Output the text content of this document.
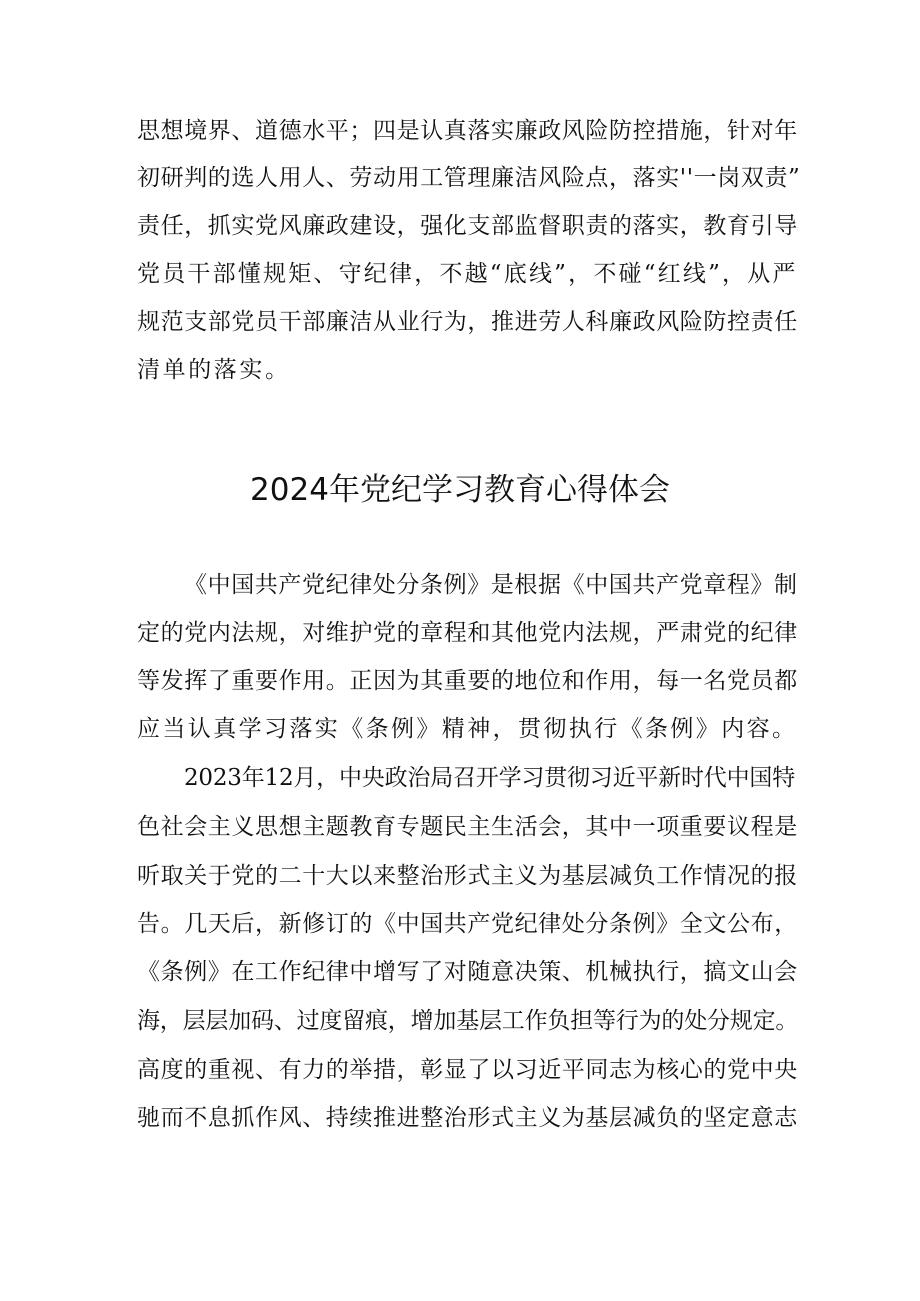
思想境界、道德水平；四是认真落实廉政风险防控措施，针对年
初研判的选人用人、劳动用工管理廉洁风险点，落实''一岗双责”
责任，抓实党风廉政建设，强化支部监督职责的落实，教育引导
党员干部懂规矩、守纪律，不越“底线”，不碰“红线”，从严
规范支部党员干部廉洁从业行为，推进劳人科廉政风险防控责任
清单的落实。
2024年党纪学习教育心得体会
《中国共产党纪律处分条例》是根据《中国共产党章程》制
定的党内法规，对维护党的章程和其他党内法规，严肃党的纪律
等发挥了重要作用。正因为其重要的地位和作用，每一名党员都
应当认真学习落实《条例》精神，贯彻执行《条例》内容。
2023年12月，中央政治局召开学习贯彻习近平新时代中国特
色社会主义思想主题教育专题民主生活会，其中一项重要议程是
听取关于党的二十大以来整治形式主义为基层减负工作情况的报
告。几天后，新修订的《中国共产党纪律处分条例》全文公布，
《条例》在工作纪律中增写了对随意决策、机械执行，搞文山会
海，层层加码、过度留痕，增加基层工作负担等行为的处分规定。
高度的重视、有力的举措，彰显了以习近平同志为核心的党中央
驰而不息抓作风、持续推进整治形式主义为基层减负的坚定意志
